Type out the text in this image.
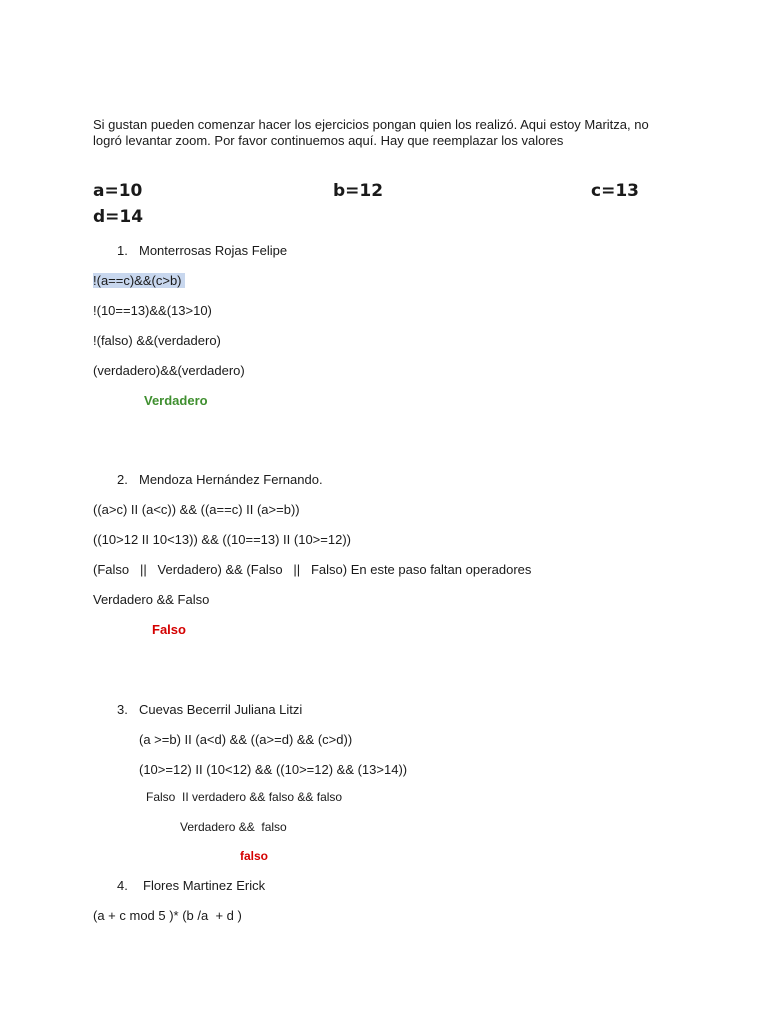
Si gustan pueden comenzar hacer los ejercicios pongan quien los realizó. Aqui estoy Maritza, no logró levantar zoom. Por favor continuemos aquí. Hay que reemplazar los valores
a=10	b=12	c=13
d=14
1. Monterrosas Rojas Felipe
!(a==c)&&(c>b)
!(10==13)&&(13>10)
!(falso) &&(verdadero)
(verdadero)&&(verdadero)
Verdadero
2. Mendoza Hernández Fernando.
((a>c) II (a<c)) && ((a==c) II (a>=b))
((10>12 II 10<13)) && ((10==13) II (10>=12))
(Falso   ||   Verdadero) && (Falso   ||   Falso) En este paso faltan operadores
Verdadero && Falso
Falso
3. Cuevas Becerril Juliana Litzi
(a >=b) II (a<d) && ((a>=d) && (c>d))
(10>=12) II (10<12) && ((10>=12) && (13>14))
Falso  II verdadero && falso && falso
Verdadero &&  falso
falso
4. Flores Martinez Erick
(a + c mod 5 )* (b /a  + d )
